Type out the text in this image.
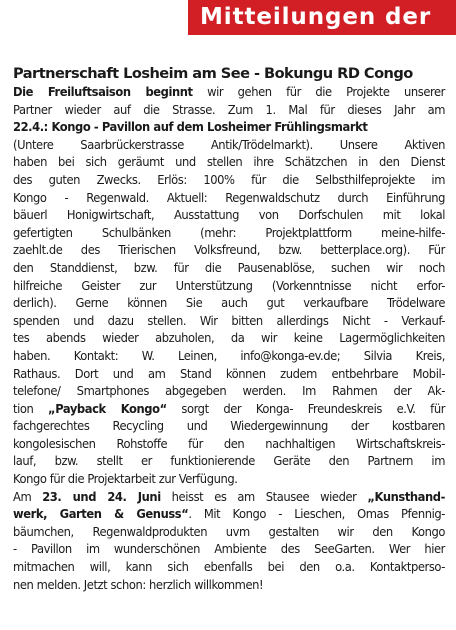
Mitteilungen der
Partnerschaft Losheim am See - Bokungu RD Congo
Die Freiluftsaison beginnt wir gehen für die Projekte unserer
Partner wieder auf die Strasse. Zum 1. Mal für dieses Jahr am
22.4.: Kongo - Pavillon auf dem Losheimer Frühlingsmarkt
(Untere Saarbrückerstrasse Antik/Trödelmarkt). Unsere Aktiven
haben bei sich geräumt und stellen ihre Schätzchen in den Dienst
des guten Zwecks. Erlös: 100% für die Selbsthilfeprojekte im
Kongo - Regenwald. Aktuell: Regenwaldschutz durch Einführung
bäuerl Honigwirtschaft, Ausstattung von Dorfschulen mit lokal
gefertigten Schulbänken (mehr: Projektplattform meine-hilfe-
zaehlt.de des Trierischen Volksfreund, bzw. betterplace.org). Für
den Standdienst, bzw. für die Pausenablöse, suchen wir noch
hilfreiche Geister zur Unterstützung (Vorkenntnisse nicht erfor-
derlich). Gerne können Sie auch gut verkaufbare Trödelware
spenden und dazu stellen. Wir bitten allerdings Nicht - Verkauf-
tes abends wieder abzuholen, da wir keine Lagermöglichkeiten
haben. Kontakt: W. Leinen, info@konga-ev.de; Silvia Kreis,
Rathaus. Dort und am Stand können zudem entbehrbare Mobil-
telefone/ Smartphones abgegeben werden. Im Rahmen der Ak-
tion „Payback Kongo“ sorgt der Konga- Freundeskreis e.V. für
fachgerechtes Recycling und Wiedergewinnung der kostbaren
kongolesischen Rohstoffe für den nachhaltigen Wirtschaftskreis-
lauf, bzw. stellt er funktionierende Geräte den Partnern im
Kongo für die Projektarbeit zur Verfügung.
Am 23. und 24. Juni heisst es am Stausee wieder „Kunsthand-
werk, Garten & Genuss“. Mit Kongo - Lieschen, Omas Pfennig-
bäumchen, Regenwaldprodukten uvm gestalten wir den Kongo
- Pavillon im wunderschönen Ambiente des SeeGarten. Wer hier
mitmachen will, kann sich ebenfalls bei den o.a. Kontaktperso-
nen melden. Jetzt schon: herzlich willkommen!
